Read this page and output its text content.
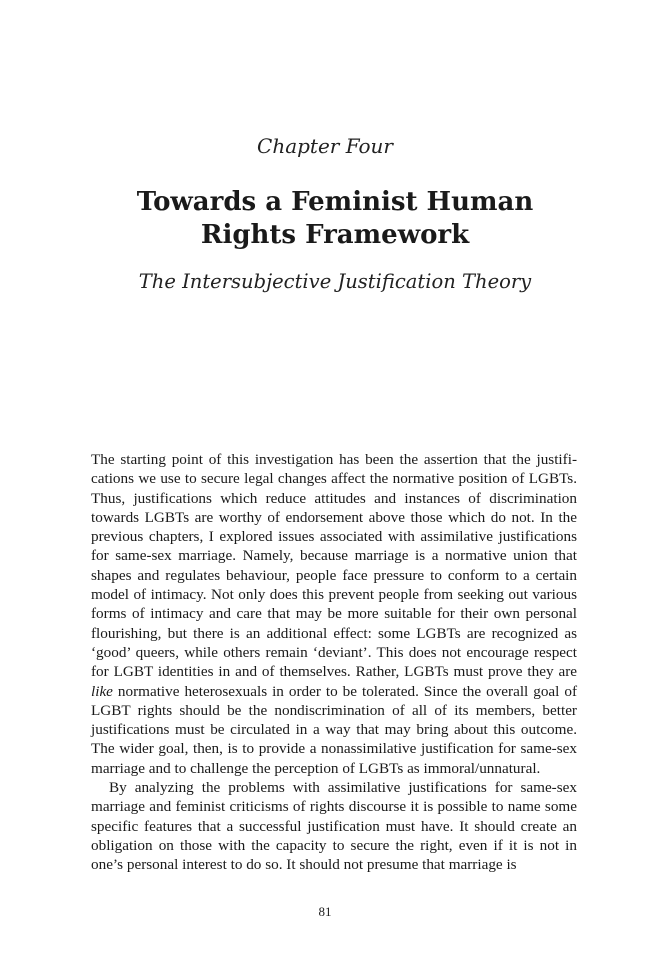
Chapter Four
Towards a Feminist Human Rights Framework
The Intersubjective Justification Theory

The starting point of this investigation has been the assertion that the justifications we use to secure legal changes affect the normative position of LGBTs. Thus, justifications which reduce attitudes and instances of discrimination towards LGBTs are worthy of endorsement above those which do not. In the previous chapters, I explored issues associated with assimilative justifications for same-sex marriage. Namely, because marriage is a normative union that shapes and regulates behaviour, people face pressure to conform to a certain model of intimacy. Not only does this prevent people from seeking out various forms of intimacy and care that may be more suitable for their own personal flourishing, but there is an additional effect: some LGBTs are recognized as ‘good’ queers, while others remain ‘deviant’. This does not encourage respect for LGBT identities in and of themselves. Rather, LGBTs must prove they are like normative heterosexuals in order to be tolerated. Since the overall goal of LGBT rights should be the nondiscrimination of all of its members, better justifications must be circulated in a way that may bring about this outcome. The wider goal, then, is to provide a nonassimilative justification for same-sex marriage and to challenge the perception of LGBTs as immoral/unnatural.

By analyzing the problems with assimilative justifications for same-sex marriage and feminist criticisms of rights discourse it is possible to name some specific features that a successful justification must have. It should create an obligation on those with the capacity to secure the right, even if it is not in one’s personal interest to do so. It should not presume that marriage is

81
